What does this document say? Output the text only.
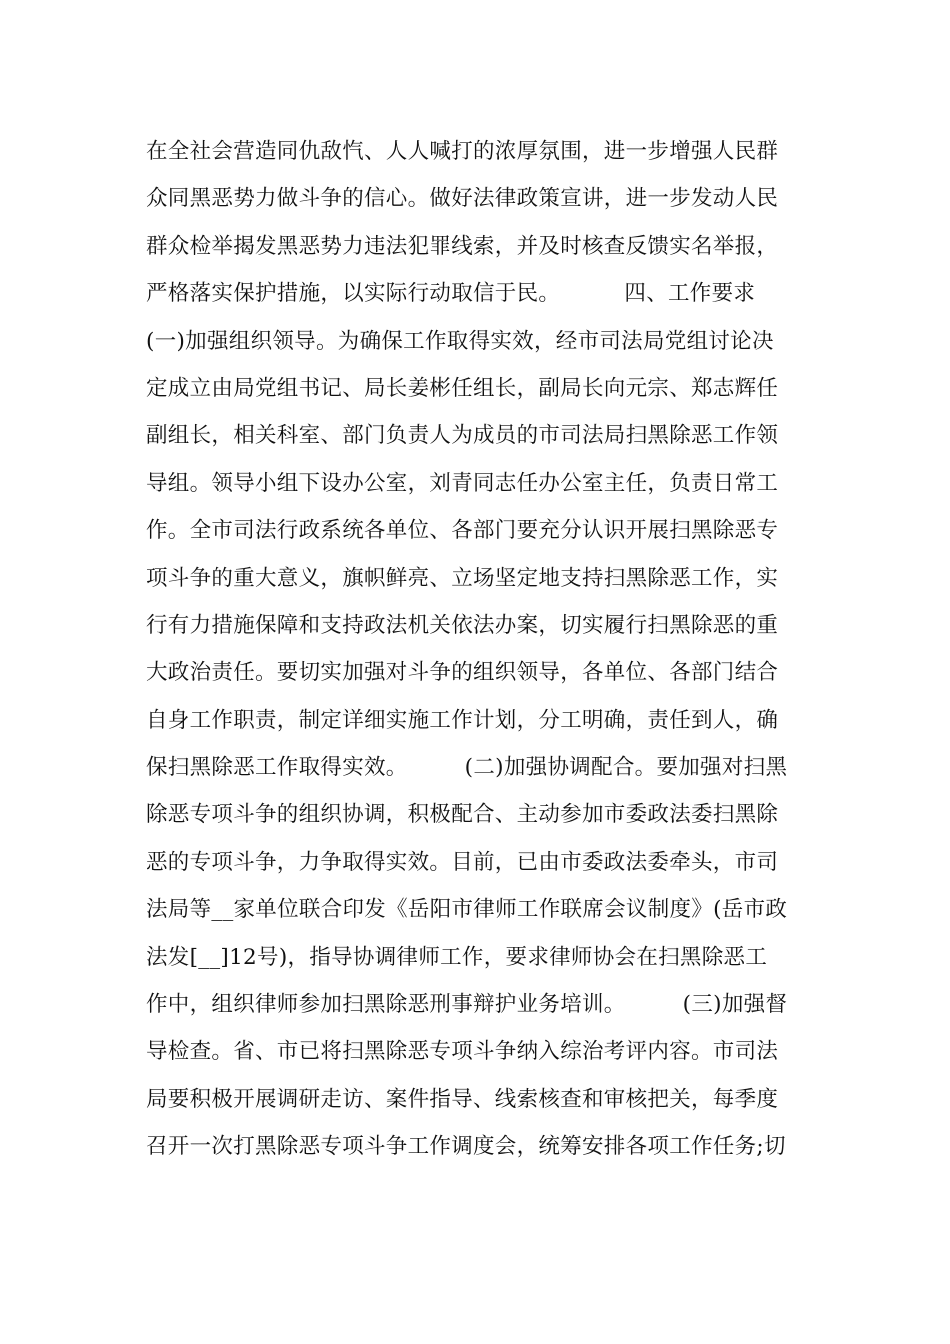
在全社会营造同仇敌忾、人人喊打的浓厚氛围，进一步增强人民群
众同黑恶势力做斗争的信心。做好法律政策宣讲，进一步发动人民
群众检举揭发黑恶势力违法犯罪线索，并及时核查反馈实名举报，
严格落实保护措施，以实际行动取信于民。         四、工作要求
(一)加强组织领导。为确保工作取得实效，经市司法局党组讨论决
定成立由局党组书记、局长姜彬任组长，副局长向元宗、郑志辉任
副组长，相关科室、部门负责人为成员的市司法局扫黑除恶工作领
导组。领导小组下设办公室，刘青同志任办公室主任，负责日常工
作。全市司法行政系统各单位、各部门要充分认识开展扫黑除恶专
项斗争的重大意义，旗帜鲜亮、立场坚定地支持扫黑除恶工作，实
行有力措施保障和支持政法机关依法办案，切实履行扫黑除恶的重
大政治责任。要切实加强对斗争的组织领导，各单位、各部门结合
自身工作职责，制定详细实施工作计划，分工明确，责任到人，确
保扫黑除恶工作取得实效。        (二)加强协调配合。要加强对扫黑
除恶专项斗争的组织协调，积极配合、主动参加市委政法委扫黑除
恶的专项斗争，力争取得实效。目前，已由市委政法委牵头，市司
法局等__家单位联合印发《岳阳市律师工作联席会议制度》(岳市政
法发[__]12号)，指导协调律师工作，要求律师协会在扫黑除恶工
作中，组织律师参加扫黑除恶刑事辩护业务培训。        (三)加强督
导检查。省、市已将扫黑除恶专项斗争纳入综治考评内容。市司法
局要积极开展调研走访、案件指导、线索核查和审核把关，每季度
召开一次打黑除恶专项斗争工作调度会，统筹安排各项工作任务;切
